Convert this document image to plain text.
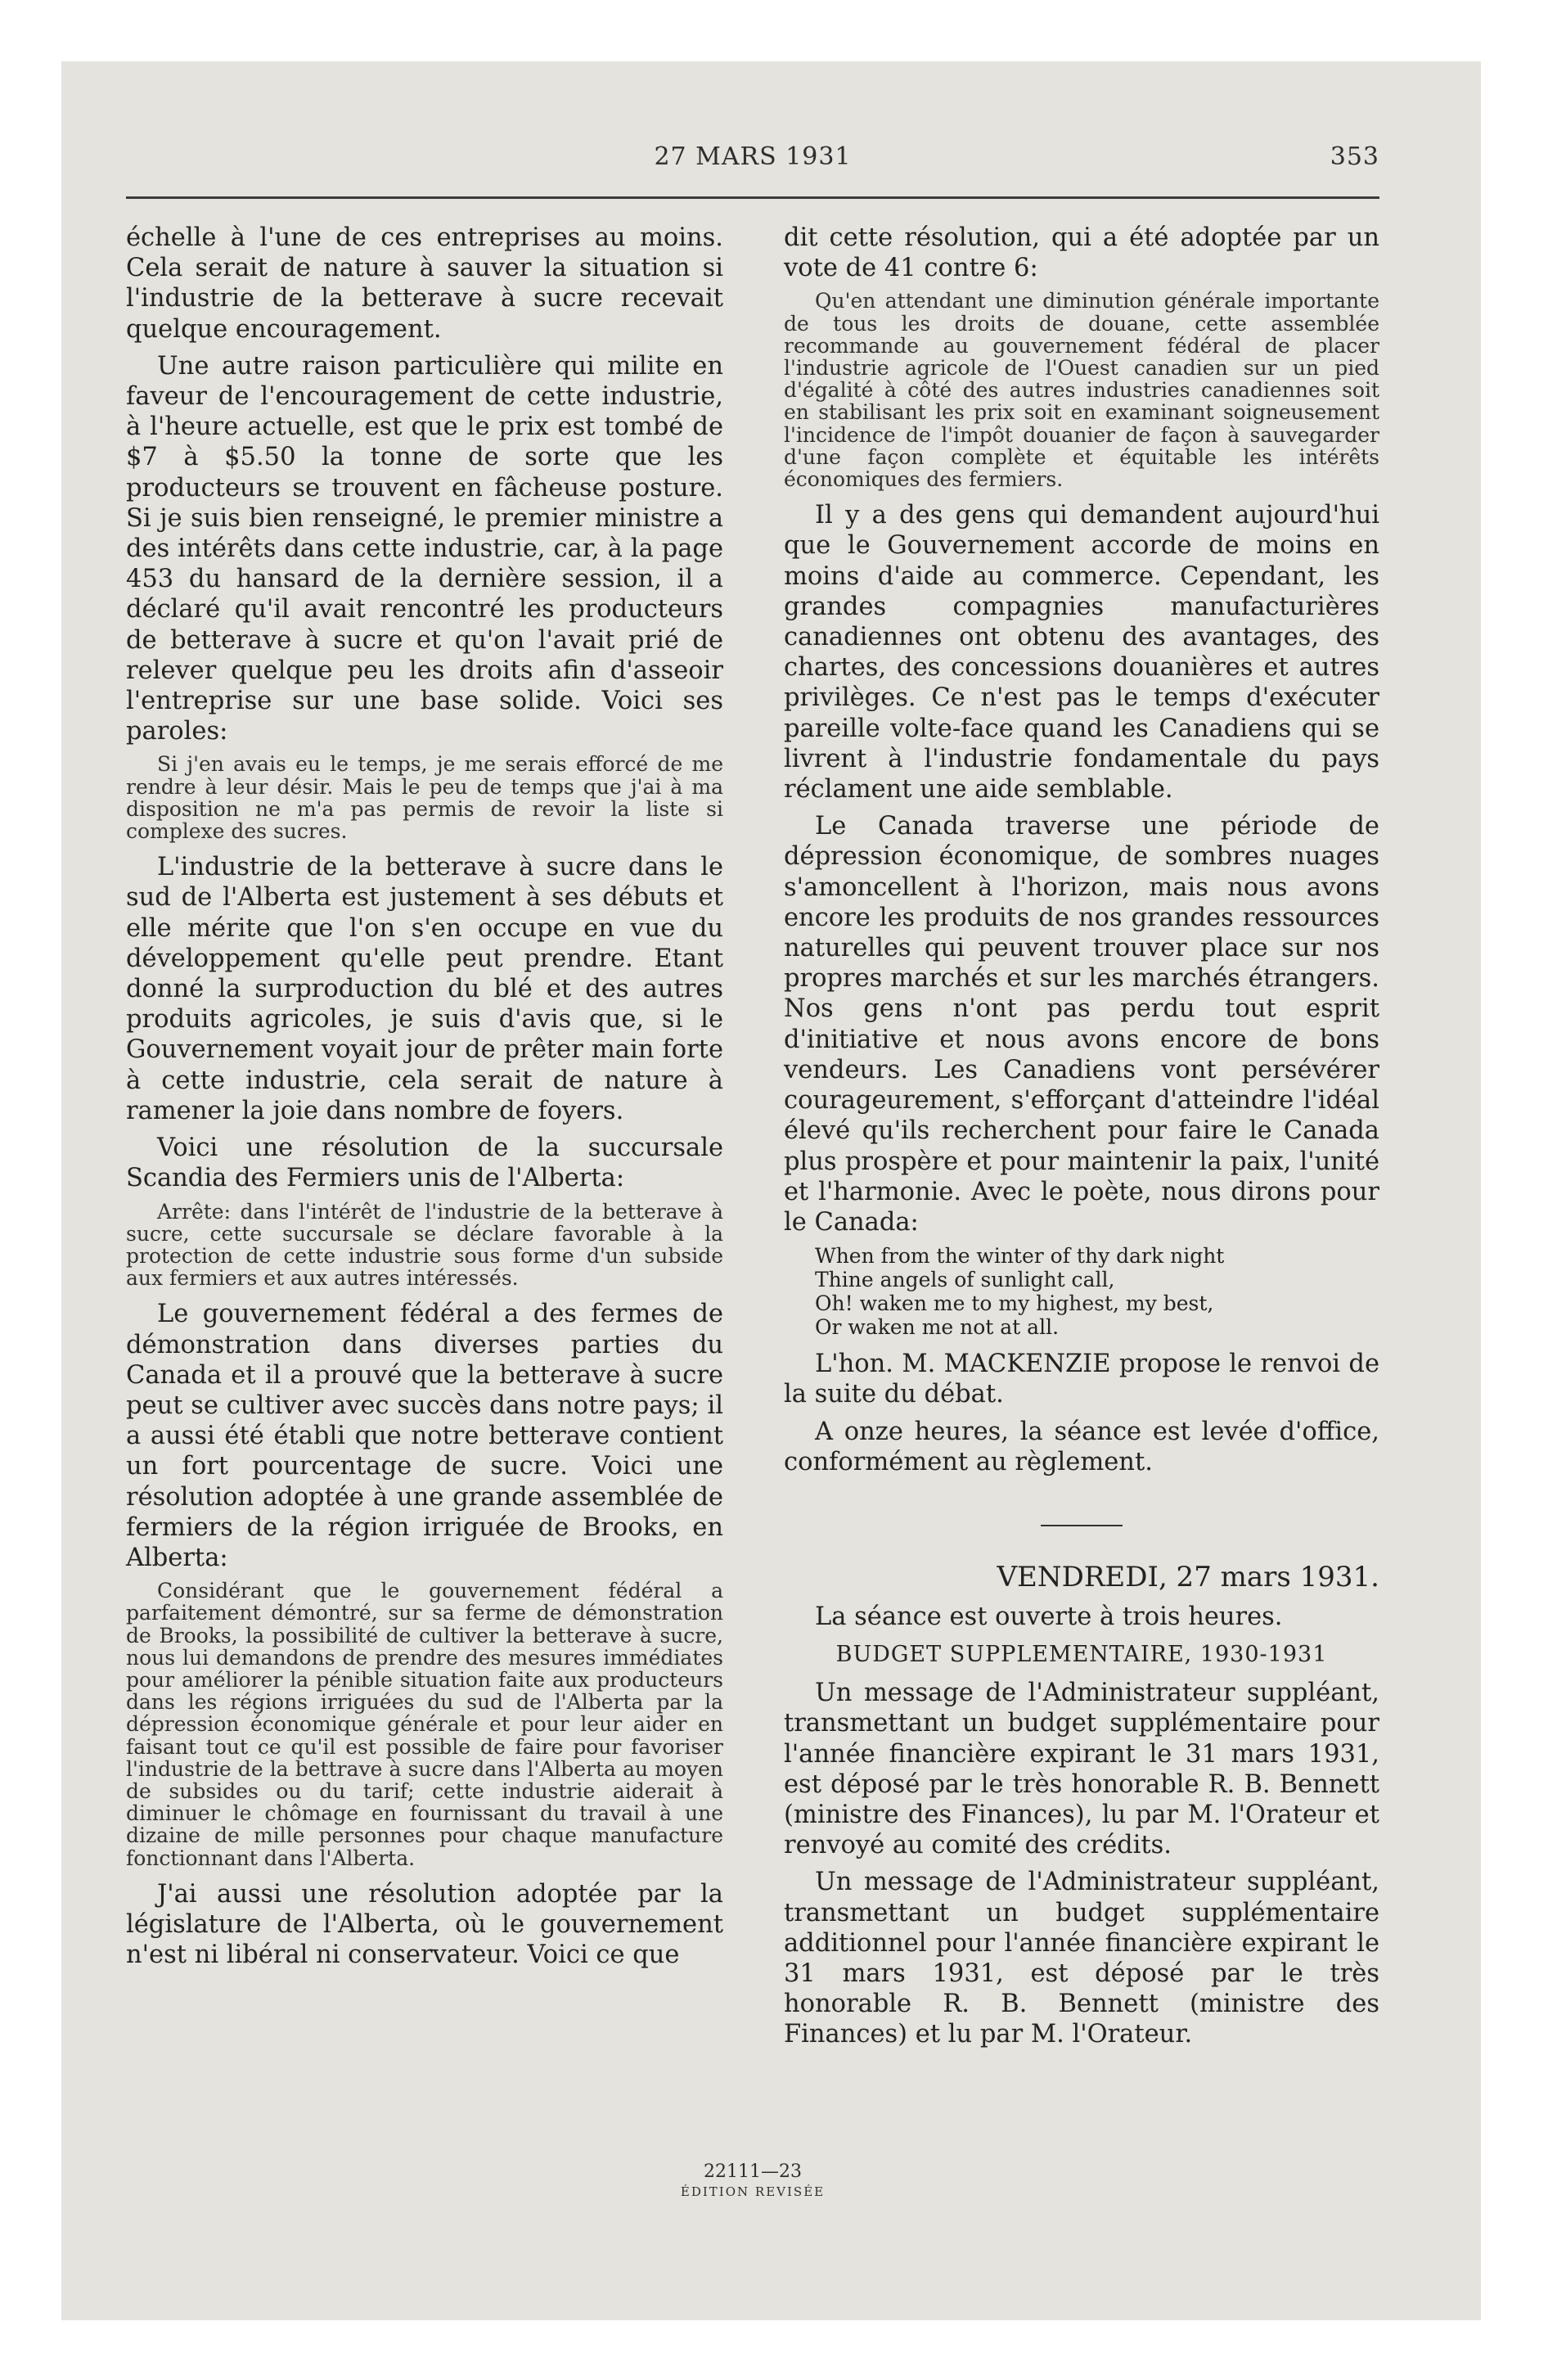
27 MARS 1931	353

échelle à l'une de ces entreprises au moins. Cela serait de nature à sauver la situation si l'industrie de la betterave à sucre recevait quelque encouragement.

Une autre raison particulière qui milite en faveur de l'encouragement de cette industrie, à l'heure actuelle, est que le prix est tombé de $7 à $5.50 la tonne de sorte que les producteurs se trouvent en fâcheuse posture. Si je suis bien renseigné, le premier ministre a des intérêts dans cette industrie, car, à la page 453 du hansard de la dernière session, il a déclaré qu'il avait rencontré les producteurs de betterave à sucre et qu'on l'avait prié de relever quelque peu les droits afin d'asseoir l'entreprise sur une base solide. Voici ses paroles:

Si j'en avais eu le temps, je me serais efforcé de me rendre à leur désir. Mais le peu de temps que j'ai à ma disposition ne m'a pas permis de revoir la liste si complexe des sucres.

L'industrie de la betterave à sucre dans le sud de l'Alberta est justement à ses débuts et elle mérite que l'on s'en occupe en vue du développement qu'elle peut prendre. Etant donné la surproduction du blé et des autres produits agricoles, je suis d'avis que, si le Gouvernement voyait jour de prêter main forte à cette industrie, cela serait de nature à ramener la joie dans nombre de foyers.

Voici une résolution de la succursale Scandia des Fermiers unis de l'Alberta:

Arrête: dans l'intérêt de l'industrie de la betterave à sucre, cette succursale se déclare favorable à la protection de cette industrie sous forme d'un subside aux fermiers et aux autres intéressés.

Le gouvernement fédéral a des fermes de démonstration dans diverses parties du Canada et il a prouvé que la betterave à sucre peut se cultiver avec succès dans notre pays; il a aussi été établi que notre betterave contient un fort pourcentage de sucre. Voici une résolution adoptée à une grande assemblée de fermiers de la région irriguée de Brooks, en Alberta:

Considérant que le gouvernement fédéral a parfaitement démontré, sur sa ferme de démonstration de Brooks, la possibilité de cultiver la betterave à sucre, nous lui demandons de prendre des mesures immédiates pour améliorer la pénible situation faite aux producteurs dans les régions irriguées du sud de l'Alberta par la dépression économique générale et pour leur aider en faisant tout ce qu'il est possible de faire pour favoriser l'industrie de la bettrave à sucre dans l'Alberta au moyen de subsides ou du tarif; cette industrie aiderait à diminuer le chômage en fournissant du travail à une dizaine de mille personnes pour chaque manufacture fonctionnant dans l'Alberta.

J'ai aussi une résolution adoptée par la législature de l'Alberta, où le gouvernement n'est ni libéral ni conservateur. Voici ce que

dit cette résolution, qui a été adoptée par un vote de 41 contre 6:

Qu'en attendant une diminution générale importante de tous les droits de douane, cette assemblée recommande au gouvernement fédéral de placer l'industrie agricole de l'Ouest canadien sur un pied d'égalité à côté des autres industries canadiennes soit en stabilisant les prix soit en examinant soigneusement l'incidence de l'impôt douanier de façon à sauvegarder d'une façon complète et équitable les intérêts économiques des fermiers.

Il y a des gens qui demandent aujourd'hui que le Gouvernement accorde de moins en moins d'aide au commerce. Cependant, les grandes compagnies manufacturières canadiennes ont obtenu des avantages, des chartes, des concessions douanières et autres privilèges. Ce n'est pas le temps d'exécuter pareille volte-face quand les Canadiens qui se livrent à l'industrie fondamentale du pays réclament une aide semblable.

Le Canada traverse une période de dépression économique, de sombres nuages s'amoncellent à l'horizon, mais nous avons encore les produits de nos grandes ressources naturelles qui peuvent trouver place sur nos propres marchés et sur les marchés étrangers. Nos gens n'ont pas perdu tout esprit d'initiative et nous avons encore de bons vendeurs. Les Canadiens vont persévérer courageurement, s'efforçant d'atteindre l'idéal élevé qu'ils recherchent pour faire le Canada plus prospère et pour maintenir la paix, l'unité et l'harmonie. Avec le poète, nous dirons pour le Canada:

When from the winter of thy dark night
Thine angels of sunlight call,
Oh! waken me to my highest, my best,
Or waken me not at all.

L'hon. M. MACKENZIE propose le renvoi de la suite du débat.

A onze heures, la séance est levée d'office, conformément au règlement.

VENDREDI, 27 mars 1931.

La séance est ouverte à trois heures.

BUDGET SUPPLEMENTAIRE, 1930-1931

Un message de l'Administrateur suppléant, transmettant un budget supplémentaire pour l'année financière expirant le 31 mars 1931, est déposé par le très honorable R. B. Bennett (ministre des Finances), lu par M. l'Orateur et renvoyé au comité des crédits.

Un message de l'Administrateur suppléant, transmettant un budget supplémentaire additionnel pour l'année financière expirant le 31 mars 1931, est déposé par le très honorable R. B. Bennett (ministre des Finances) et lu par M. l'Orateur.

22111—23
ÉDITION REVISÉE
